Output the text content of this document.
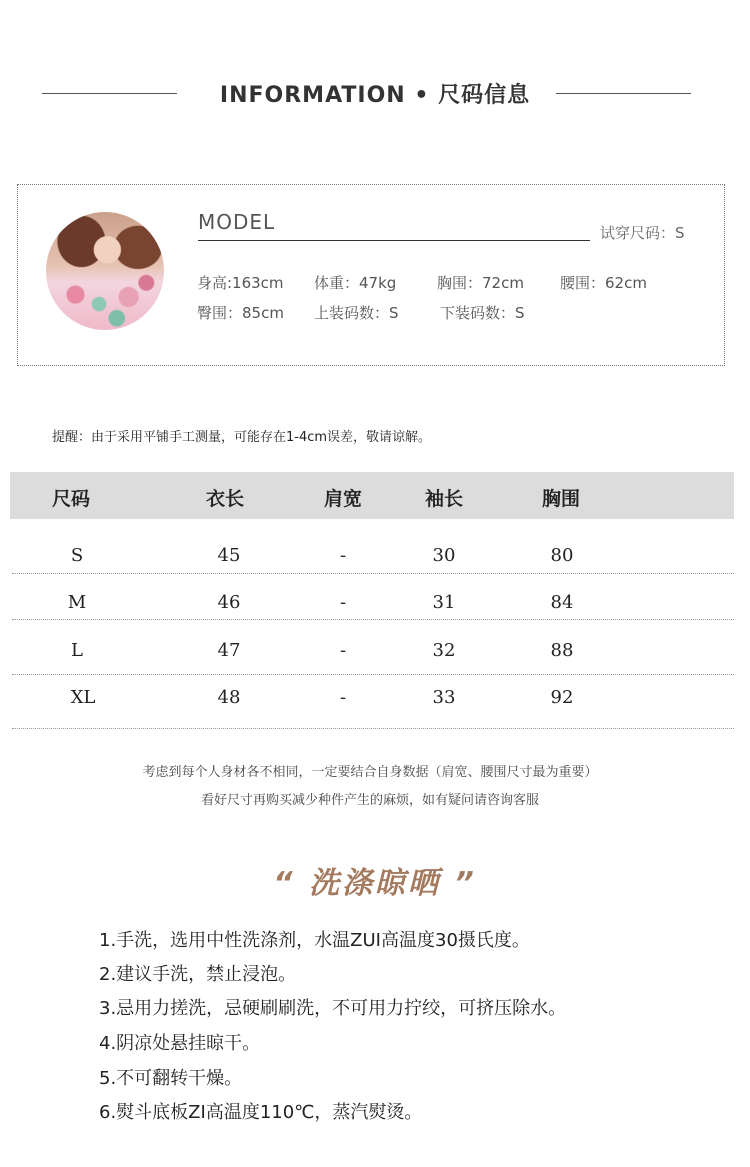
INFORMATION • 尺码信息
MODEL	试穿尺码：S
身高:163cm 体重：47kg	胸围：72cm 腰围：62cm
臀围：85cm 上装码数：S	下装码数：S
提醒：由于采用平铺手工测量，可能存在1-4cm误差，敬请谅解。
尺码	衣长	肩宽	袖长	胸围
S	45	-	30	80
M	46	-	31	84
L	47	-	32	88
XL	48	-	33	92
考虑到每个人身材各不相同，一定要结合自身数据（肩宽、腰围尺寸最为重要）
看好尺寸再购买减少种件产生的麻烦，如有疑问请咨询客服
“ 洗涤晾晒 ”
1.手洗，选用中性洗涤剂，水温ZUI高温度30摄氏度。
2.建议手洗，禁止浸泡。
3.忌用力搓洗，忌硬刷刷洗，不可用力拧绞，可挤压除水。
4.阴凉处悬挂晾干。
5.不可翻转干燥。
6.熨斗底板ZI高温度110℃，蒸汽熨烫。
